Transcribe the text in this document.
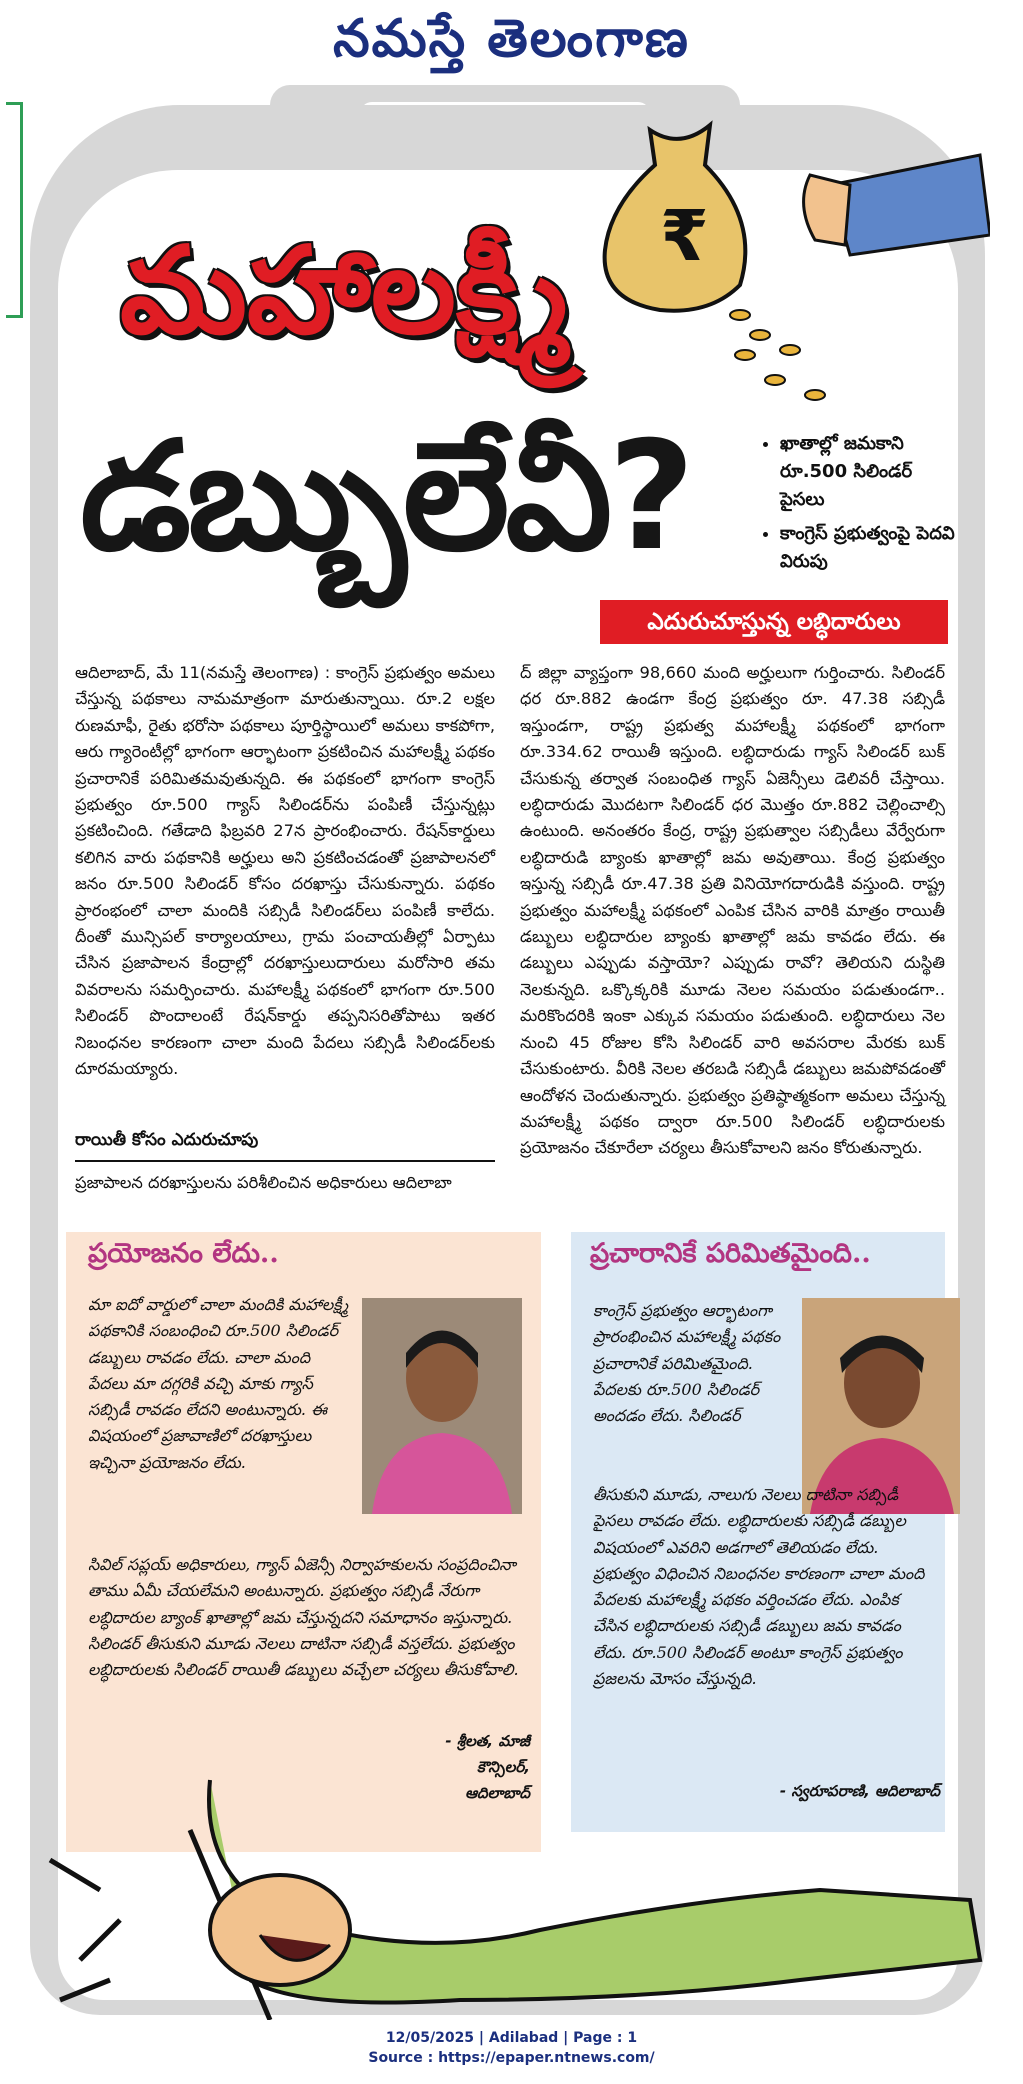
నమస్తే తెలంగాణ
₹
మహాలక్ష్మీ
డబ్బులేవీ?
•	ఖాతాల్లో జమకాని రూ.500 సిలిండర్ పైసలు
• కాంగ్రెస్ ప్రభుత్వంపై పెదవి విరుపు
ఎదురుచూస్తున్న లబ్ధిదారులు
ఆదిలాబాద్, మే 11(నమస్తే తెలంగాణ) : కాంగ్రెస్ ప్రభుత్వం అమలు చేస్తున్న పథకాలు నామమాత్రంగా మారుతున్నాయి. రూ.2 లక్షల రుణమాఫీ, రైతు భరోసా పథకాలు పూర్తిస్థాయిలో అమలు కాకపోగా, ఆరు గ్యారెంటీల్లో భాగంగా ఆర్భాటంగా ప్రకటించిన మహాలక్ష్మీ పథకం ప్రచారానికే పరిమితమవుతున్నది. ఈ పథకంలో భాగంగా కాంగ్రెస్ ప్రభుత్వం రూ.500 గ్యాస్ సిలిండర్‌ను పంపిణీ చేస్తున్నట్లు ప్రకటించింది. గతేడాది ఫిబ్రవరి 27న ప్రారంభించారు. రేషన్‌కార్డులు కలిగిన వారు పథకానికి అర్హులు అని ప్రకటించడంతో ప్రజాపాలనలో జనం రూ.500 సిలిండర్ కోసం దరఖాస్తు చేసుకున్నారు. పథకం ప్రారంభంలో చాలా మందికి సబ్సిడీ సిలిండర్‌లు పంపిణీ కాలేదు. దీంతో మున్సిపల్ కార్యాలయాలు, గ్రామ పంచాయతీల్లో ఏర్పాటు చేసిన ప్రజాపాలన కేంద్రాల్లో దరఖాస్తులుదారులు మరోసారి తమ వివరాలను సమర్పించారు. మహాలక్ష్మీ పథకంలో భాగంగా రూ.500 సిలిండర్ పొందాలంటే రేషన్‌కార్డు తప్పనిసరితోపాటు ఇతర నిబంధనల కారణంగా చాలా మంది పేదలు సబ్సిడీ సిలిండర్‌లకు దూరమయ్యారు.
రాయితీ కోసం ఎదురుచూపు
ప్రజాపాలన దరఖాస్తులను పరిశీలించిన అధికారులు ఆదిలాబా
ద్ జిల్లా వ్యాప్తంగా 98,660 మంది అర్హులుగా గుర్తించారు. సిలిండర్ ధర రూ.882 ఉండగా కేంద్ర ప్రభుత్వం రూ. 47.38 సబ్సిడీ ఇస్తుండగా, రాష్ట్ర ప్రభుత్వ మహాలక్ష్మీ పథకంలో భాగంగా రూ.334.62 రాయితీ ఇస్తుంది. లబ్ధిదారుడు గ్యాస్ సిలిండర్ బుక్ చేసుకున్న తర్వాత సంబంధిత గ్యాస్ ఏజెన్సీలు డెలివరీ చేస్తాయి. లబ్ధిదారుడు మొదటగా సిలిండర్ ధర మొత్తం రూ.882 చెల్లించాల్సి ఉంటుంది. అనంతరం కేంద్ర, రాష్ట్ర ప్రభుత్వాల సబ్సిడీలు వేర్వేరుగా లబ్ధిదారుడి బ్యాంకు ఖాతాల్లో జమ అవుతాయి. కేంద్ర ప్రభుత్వం ఇస్తున్న సబ్సిడీ రూ.47.38 ప్రతి వినియోగదారుడికి వస్తుంది. రాష్ట్ర ప్రభుత్వం మహాలక్ష్మీ పథకంలో ఎంపిక చేసిన వారికి మాత్రం రాయితీ డబ్బులు లబ్ధిదారుల బ్యాంకు ఖాతాల్లో జమ కావడం లేదు. ఈ డబ్బులు ఎప్పుడు వస్తాయో? ఎప్పుడు రావో? తెలియని దుస్థితి నెలకున్నది. ఒక్కొక్కరికి మూడు నెలల సమయం పడుతుండగా.. మరికొందరికి ఇంకా ఎక్కువ సమయం పడుతుంది. లబ్ధిదారులు నెల నుంచి 45 రోజుల కోసి సిలిండర్ వారి అవసరాల మేరకు బుక్ చేసుకుంటారు. వీరికి నెలల తరబడి సబ్సిడీ డబ్బులు జమపోవడంతో ఆందోళన చెందుతున్నారు. ప్రభుత్వం ప్రతిష్ఠాత్మకంగా అమలు చేస్తున్న మహాలక్ష్మీ పథకం ద్వారా రూ.500 సిలిండర్ లబ్ధిదారులకు ప్రయోజనం చేకూరేలా చర్యలు తీసుకోవాలని జనం కోరుతున్నారు.
ప్రయోజనం లేదు..	ప్రచారానికే పరిమితమైంది..
మా ఐదో వార్డులో చాలా మందికి మహాలక్ష్మీ పథకానికి సంబంధించి రూ.500 సిలిండర్ డబ్బులు రావడం లేదు. చాలా మంది పేదలు మా దగ్గరికి వచ్చి మాకు గ్యాస్ సబ్సిడీ రావడం లేదని అంటున్నారు. ఈ విషయంలో ప్రజావాణిలో దరఖాస్తులు ఇచ్చినా ప్రయోజనం లేదు.
సివిల్ సప్లయ్ అధికారులు, గ్యాస్ ఏజెన్సీ నిర్వాహకులను సంప్రదించినా తాము ఏమీ చేయలేమని అంటున్నారు. ప్రభుత్వం సబ్సిడీ నేరుగా లబ్ధిదారుల బ్యాంక్ ఖాతాల్లో జమ చేస్తున్నదని సమాధానం ఇస్తున్నారు. సిలిండర్ తీసుకుని మూడు నెలలు దాటినా సబ్సిడీ వస్తలేదు. ప్రభుత్వం లబ్ధిదారులకు సిలిండర్ రాయితీ డబ్బులు వచ్చేలా చర్యలు తీసుకోవాలి.
కాంగ్రెస్ ప్రభుత్వం ఆర్భాటంగా ప్రారంభించిన మహాలక్ష్మీ పథకం ప్రచారానికే పరిమితమైంది. పేదలకు రూ.500 సిలిండర్ అందడం లేదు. సిలిండర్
తీసుకుని మూడు, నాలుగు నెలలు దాటినా సబ్సిడీ పైసలు రావడం లేదు. లబ్ధిదారులకు సబ్సిడీ డబ్బుల విషయంలో ఎవరిని అడగాలో తెలియడం లేదు. ప్రభుత్వం విధించిన నిబంధనల కారణంగా చాలా మంది పేదలకు మహాలక్ష్మీ పథకం వర్తించడం లేదు. ఎంపిక చేసిన లబ్ధిదారులకు సబ్సిడీ డబ్బులు జమ కావడం లేదు. రూ.500 సిలిండర్ అంటూ కాంగ్రెస్ ప్రభుత్వం ప్రజలను మోసం చేస్తున్నది.
- శ్రీలత, మాజీ
కౌన్సిలర్,
ఆదిలాబాద్	- స్వరూపరాణి, ఆదిలాబాద్
12/05/2025 | Adilabad | Page : 1
Source : https://epaper.ntnews.com/
